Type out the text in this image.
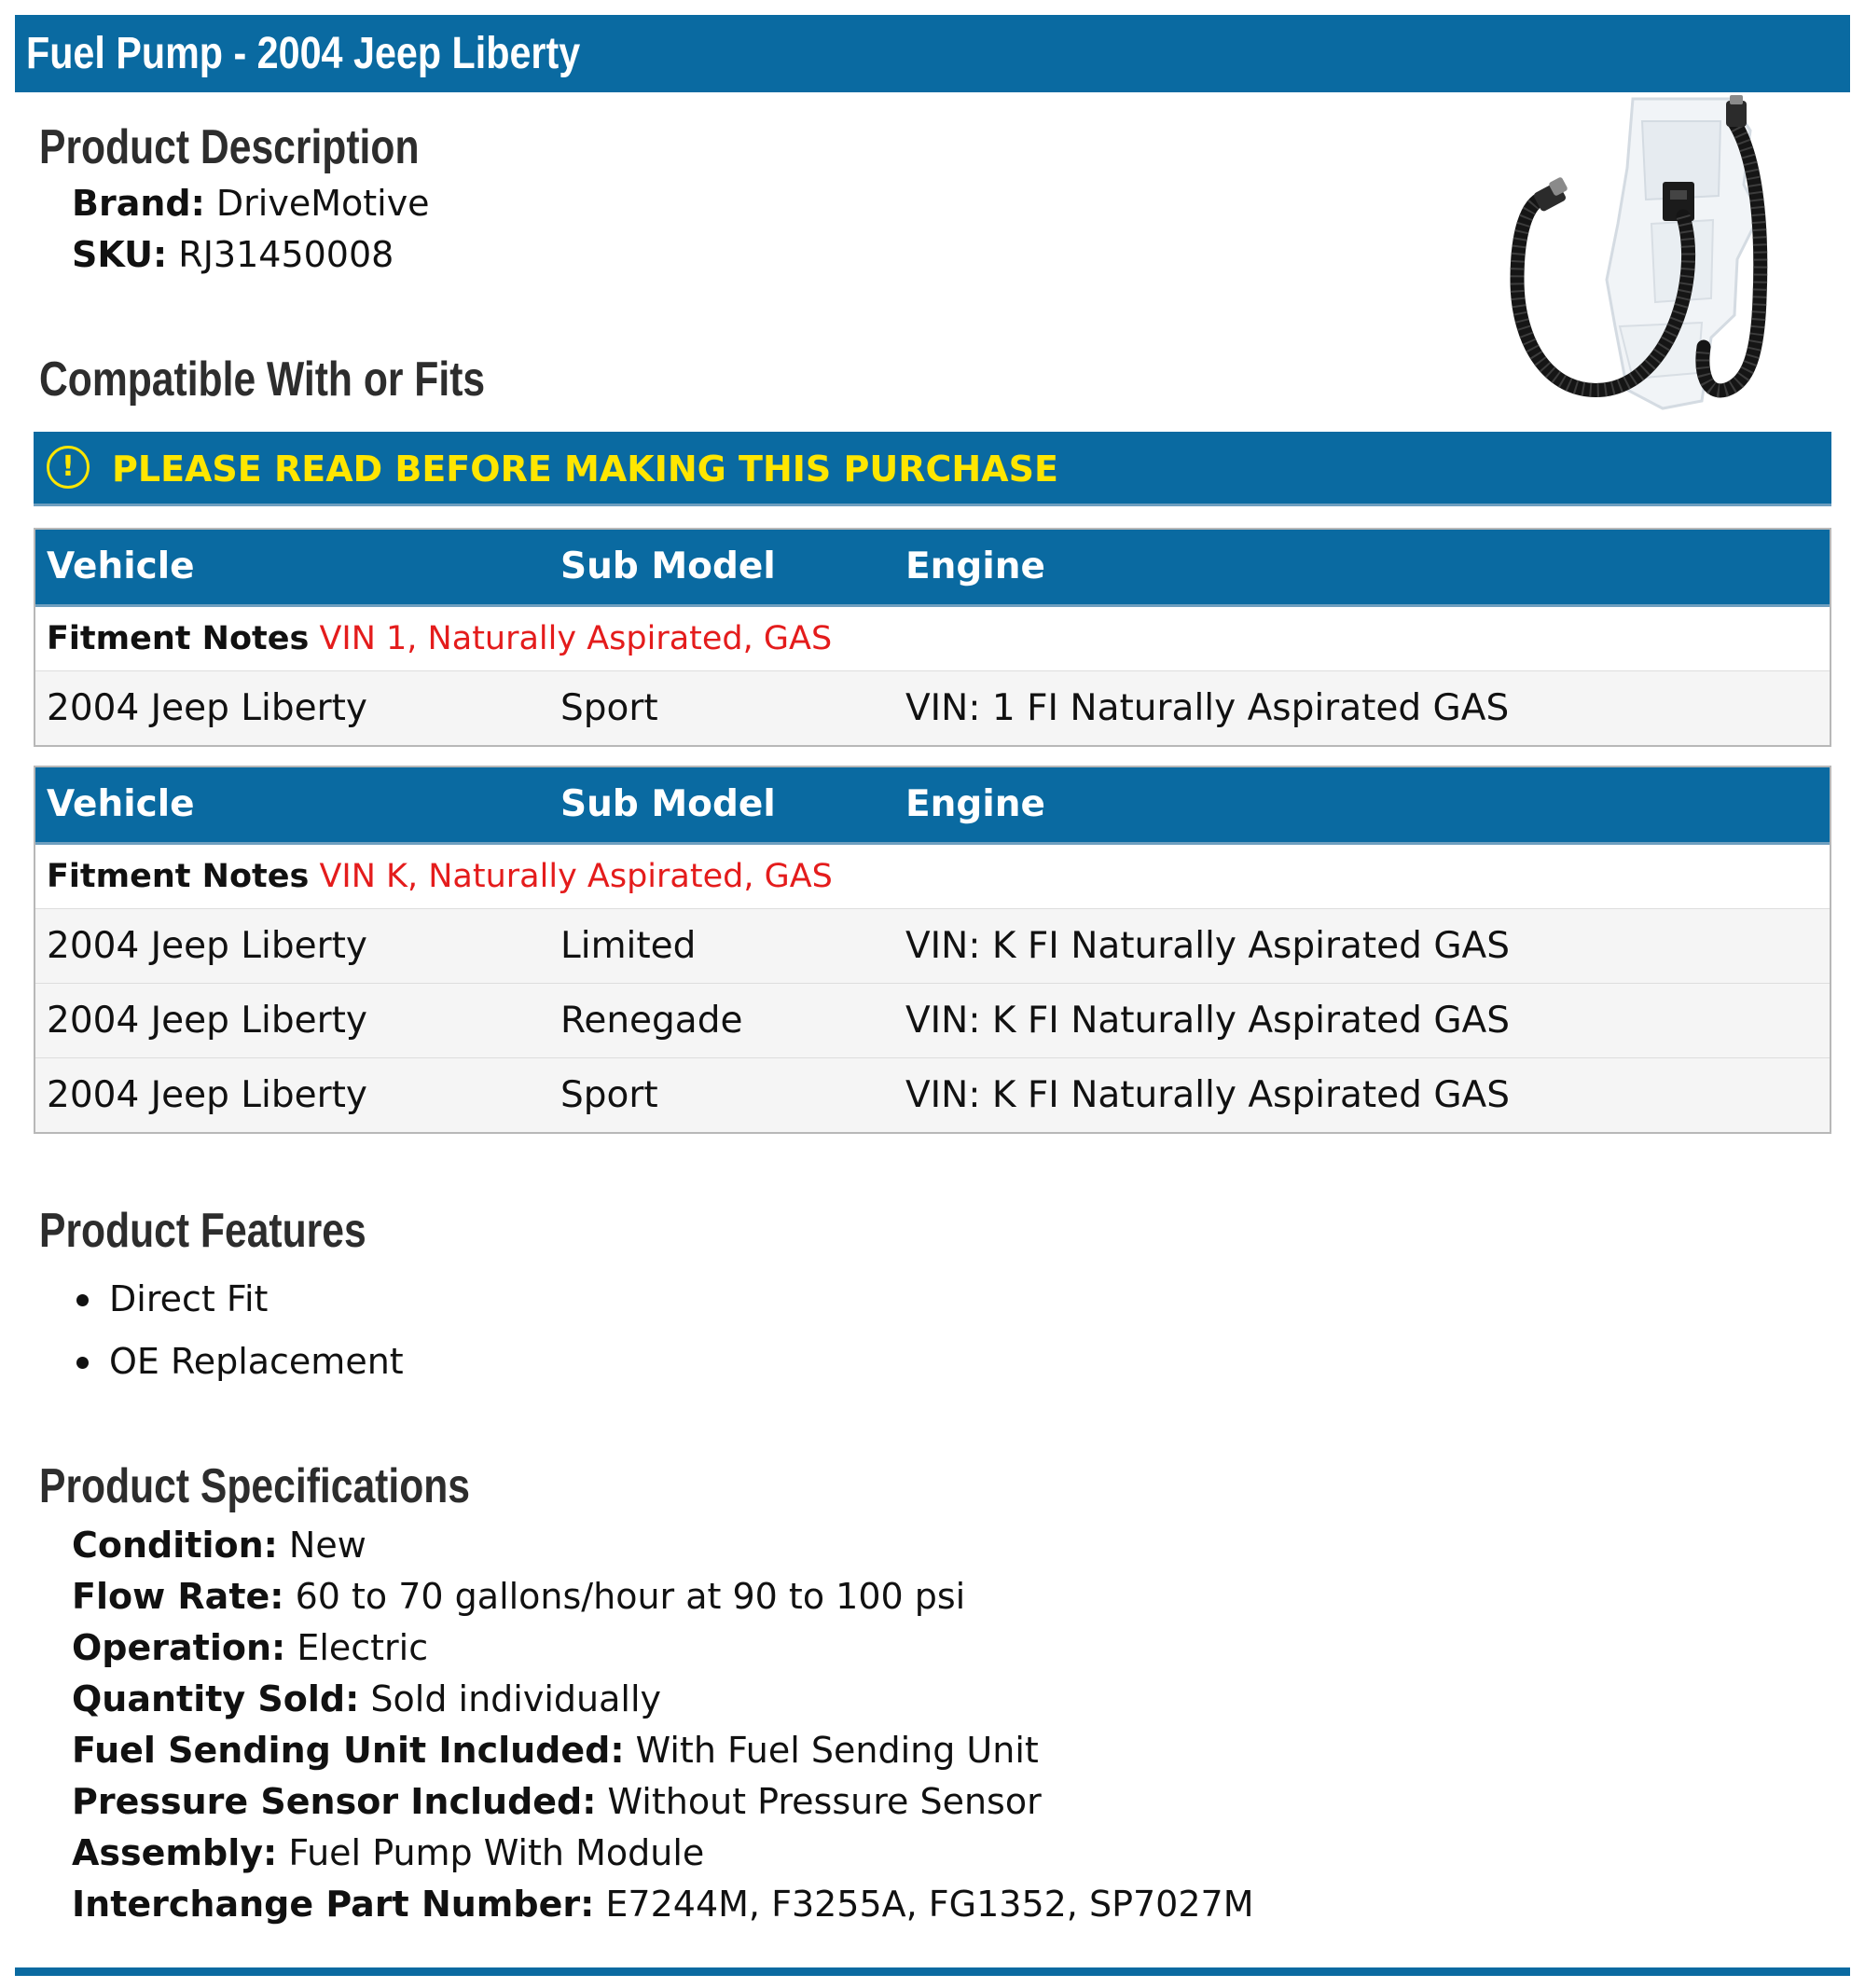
Fuel Pump - 2004 Jeep Liberty
Product Description
Brand: DriveMotive
SKU: RJ31450008
Compatible With or Fits
!	PLEASE READ BEFORE MAKING THIS PURCHASE
Vehicle	Sub Model	Engine
Fitment Notes VIN 1, Naturally Aspirated, GAS
2004 Jeep Liberty	Sport	VIN: 1 FI Naturally Aspirated GAS
Vehicle	Sub Model	Engine
Fitment Notes VIN K, Naturally Aspirated, GAS
2004 Jeep Liberty	Limited	VIN: K FI Naturally Aspirated GAS
2004 Jeep Liberty	Renegade	VIN: K FI Naturally Aspirated GAS
2004 Jeep Liberty	Sport	VIN: K FI Naturally Aspirated GAS
Product Features
Direct Fit
OE Replacement
Product Specifications
Condition: New
Flow Rate: 60 to 70 gallons/hour at 90 to 100 psi
Operation: Electric
Quantity Sold: Sold individually
Fuel Sending Unit Included: With Fuel Sending Unit
Pressure Sensor Included: Without Pressure Sensor
Assembly: Fuel Pump With Module
Interchange Part Number: E7244M, F3255A, FG1352, SP7027M
